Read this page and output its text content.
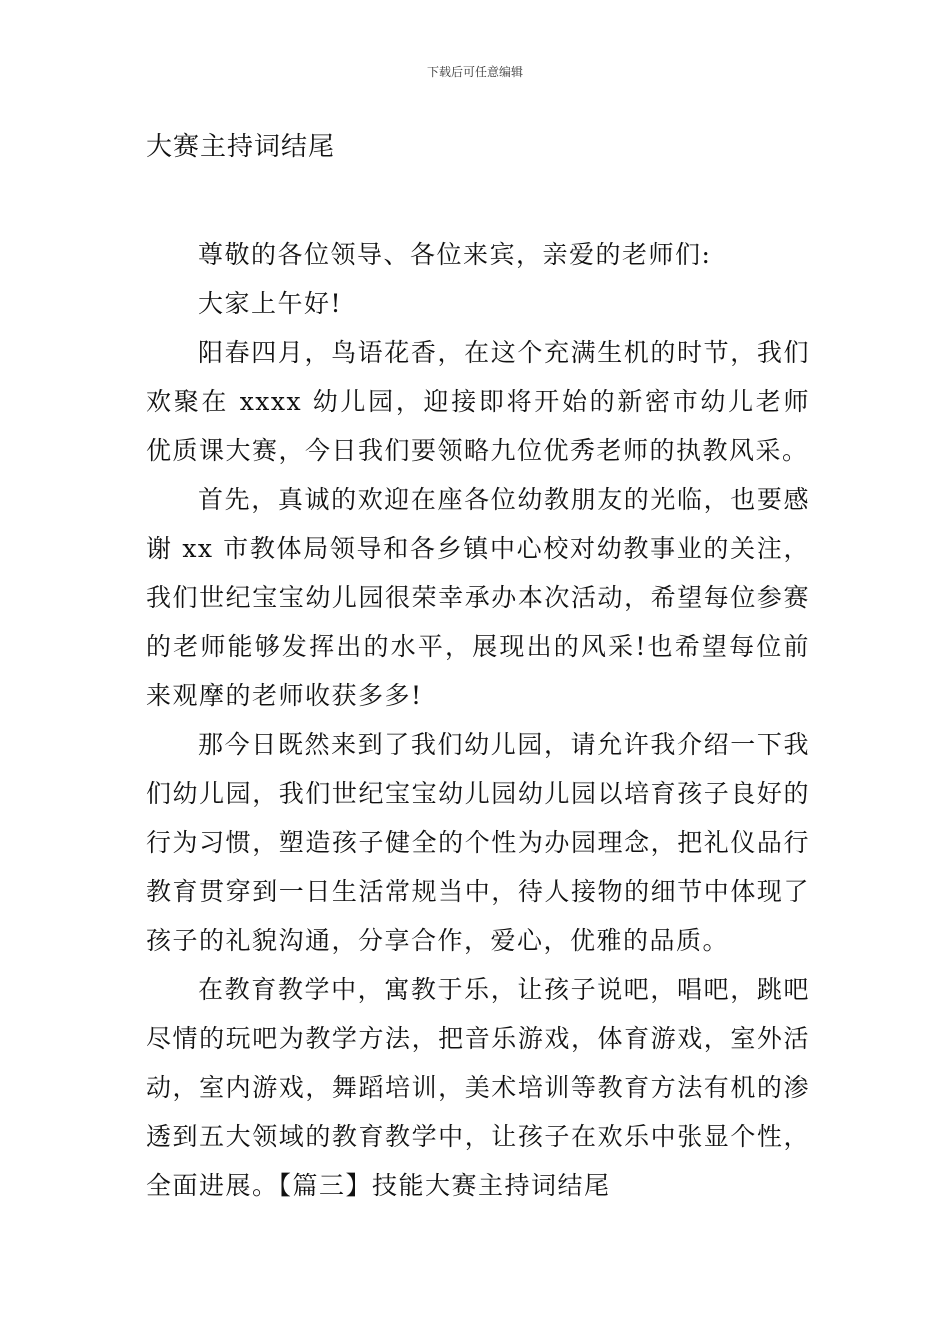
下载后可任意编辑
大赛主持词结尾

尊敬的各位领导、各位来宾，亲爱的老师们:

大家上午好!

阳春四月，鸟语花香，在这个充满生机的时节，我们欢聚在 xxxx 幼儿园，迎接即将开始的新密市幼儿老师优质课大赛，今日我们要领略九位优秀老师的执教风采。

首先，真诚的欢迎在座各位幼教朋友的光临，也要感谢 xx 市教体局领导和各乡镇中心校对幼教事业的关注，我们世纪宝宝幼儿园很荣幸承办本次活动，希望每位参赛的老师能够发挥出的水平，展现出的风采!也希望每位前来观摩的老师收获多多!

那今日既然来到了我们幼儿园，请允许我介绍一下我们幼儿园，我们世纪宝宝幼儿园幼儿园以培育孩子良好的行为习惯，塑造孩子健全的个性为办园理念，把礼仪品行教育贯穿到一日生活常规当中，待人接物的细节中体现了孩子的礼貌沟通，分享合作，爱心，优雅的品质。

在教育教学中，寓教于乐，让孩子说吧，唱吧，跳吧尽情的玩吧为教学方法，把音乐游戏，体育游戏，室外活动，室内游戏，舞蹈培训，美术培训等教育方法有机的渗透到五大领域的教育教学中，让孩子在欢乐中张显个性，全面进展。【篇三】技能大赛主持词结尾
